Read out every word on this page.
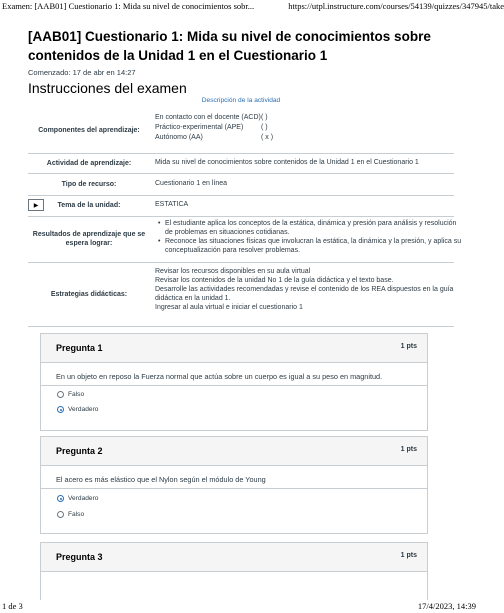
Examen: [AAB01] Cuestionario 1: Mida su nivel de conocimientos sobr...	https://utpl.instructure.com/courses/54139/quizzes/347945/take
[AAB01] Cuestionario 1: Mida su nivel de conocimientos sobre contenidos de la Unidad 1 en el Cuestionario 1
Comenzado: 17 de abr en 14:27
Instrucciones del examen
Descripción de la actividad
Componentes del aprendizaje:
En contacto con el docente (ACD) ( )
Práctico-experimental (APE)	( )
Autónomo (AA)	( x )
Actividad de aprendizaje:	Mida su nivel de conocimientos sobre contenidos de la Unidad 1 en el Cuestionario 1
Tipo de recurso:	Cuestionario 1 en línea
▶	Tema de la unidad:	ESTATICA
Resultados de aprendizaje que se espera lograr:
• El estudiante aplica los conceptos de la estática, dinámica y presión para análisis y resolución
de problemas en situaciones cotidianas.
• Reconoce las situaciones físicas que involucran la estática, la dinámica y la presión, y aplica su
conceptualización para resolver problemas.
Estrategias didácticas:
Revisar los recursos disponibles en su aula virtual
Revisar los contenidos de la unidad No 1 de la guía didáctica y el texto base.
Desarrolle las actividades recomendadas y revise el contenido de los REA dispuestos en la guía
didáctica en la unidad 1.
Ingresar al aula virtual e iniciar el cuestionario 1
Pregunta 1	1 pts
En un objeto en reposo la Fuerza normal que actúa sobre un cuerpo es igual a su peso en magnitud.
Falso
Verdadero
Pregunta 2	1 pts
El acero es más elástico que el Nylon según el módulo de Young
Verdadero
Falso
Pregunta 3	1 pts
1 de 3	17/4/2023, 14:39
